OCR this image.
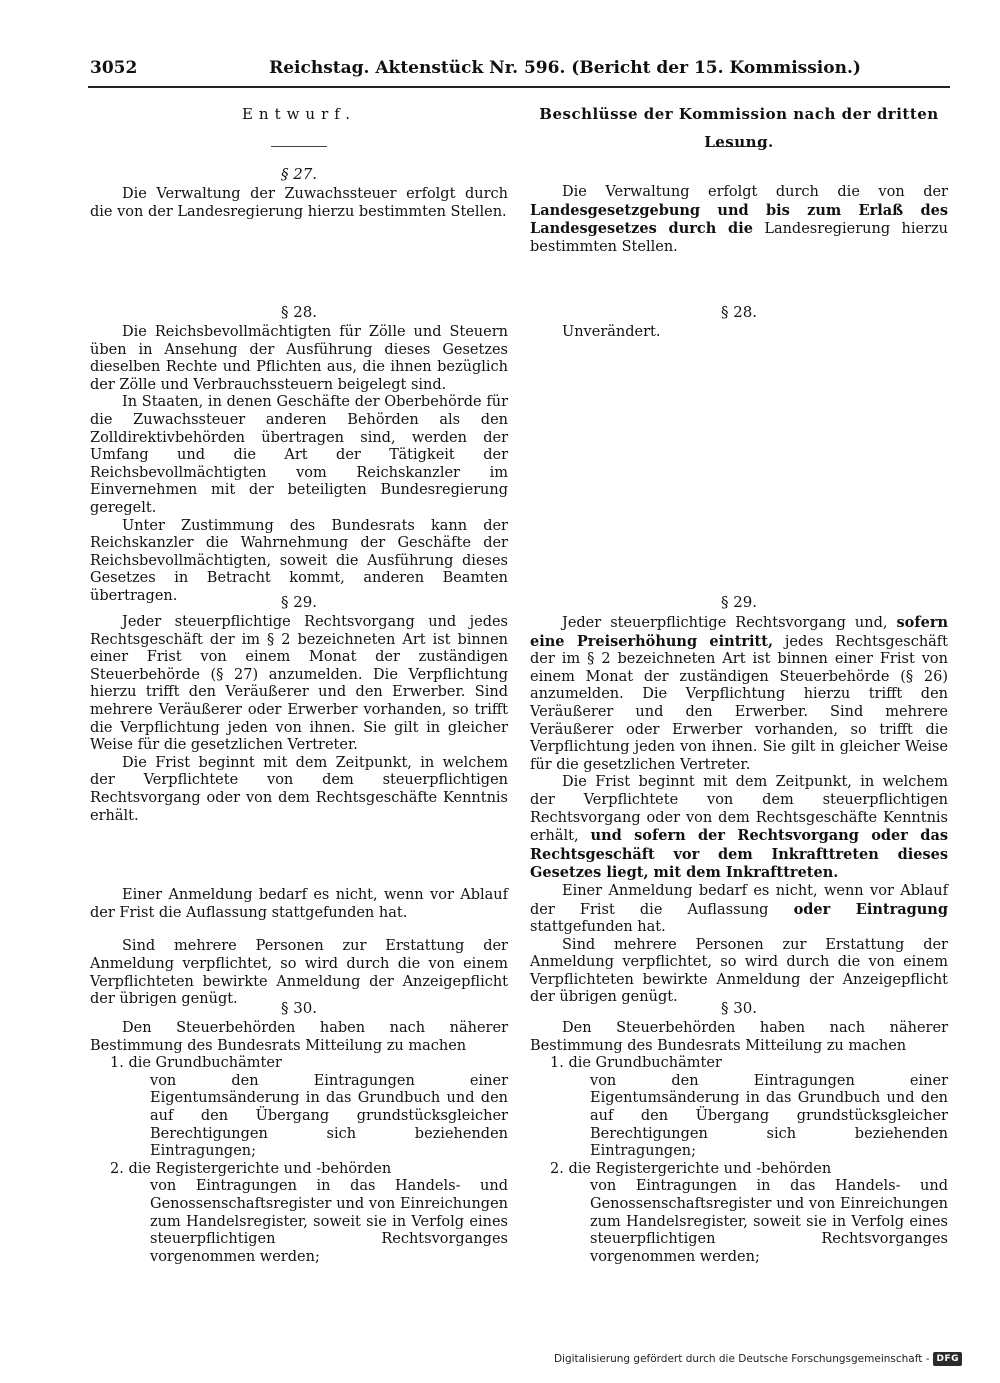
3052	Reichstag. Aktenstück Nr. 596. (Bericht der 15. Kommission.)
Entwurf.
§ 27.

Die Verwaltung der Zuwachssteuer erfolgt durch die von der Landesregierung hierzu bestimmten Stellen.

§ 28.

Die Reichsbevollmächtigten für Zölle und Steuern üben in Ansehung der Ausführung dieses Gesetzes dieselben Rechte und Pflichten aus, die ihnen bezüglich der Zölle und Verbrauchssteuern beigelegt sind.

In Staaten, in denen Geschäfte der Oberbehörde für die Zuwachssteuer anderen Behörden als den Zolldirektivbehörden übertragen sind, werden der Umfang und die Art der Tätigkeit der Reichsbevollmächtigten vom Reichskanzler im Einvernehmen mit der beteiligten Bundesregierung geregelt.

Unter Zustimmung des Bundesrats kann der Reichskanzler die Wahrnehmung der Geschäfte der Reichsbevollmächtigten, soweit die Ausführung dieses Gesetzes in Betracht kommt, anderen Beamten übertragen.	§ 29.

Jeder steuerpflichtige Rechtsvorgang und jedes Rechtsgeschäft der im § 2 bezeichneten Art ist binnen einer Frist von einem Monat der zuständigen Steuerbehörde (§ 27) anzumelden. Die Verpflichtung hierzu trifft den Veräußerer und den Erwerber. Sind mehrere Veräußerer oder Erwerber vorhanden, so trifft die Verpflichtung jeden von ihnen. Sie gilt in gleicher Weise für die gesetzlichen Vertreter.

Die Frist beginnt mit dem Zeitpunkt, in welchem der Verpflichtete von dem steuerpflichtigen Rechtsvorgang oder von dem Rechtsgeschäfte Kenntnis erhält.

Einer Anmeldung bedarf es nicht, wenn vor Ablauf der Frist die Auflassung stattgefunden hat.

Sind mehrere Personen zur Erstattung der Anmeldung verpflichtet, so wird durch die von einem Verpflichteten bewirkte Anmeldung der Anzeigepflicht der übrigen genügt.	§ 30.

Den Steuerbehörden haben nach näherer Bestimmung des Bundesrats Mitteilung zu machen

1. die Grundbuchämter
von den Eintragungen einer Eigentumsänderung in das Grundbuch und den auf den Übergang grundstücksgleicher Berechtigungen sich beziehenden Eintragungen;
2. die Registergerichte und -behörden
von Eintragungen in das Handels- und Genossenschaftsregister und von Einreichungen zum Handelsregister, soweit sie in Verfolg eines steuerpflichtigen Rechtsvorganges vorgenommen werden;
Beschlüsse der Kommission nach der dritten Lesung.

Die Verwaltung erfolgt durch die von der Landesgesetzgebung und bis zum Erlaß des Landesgesetzes durch die Landesregierung hierzu bestimmten Stellen.

§ 28.

Unverändert.

§ 29.

Jeder steuerpflichtige Rechtsvorgang und, sofern eine Preiserhöhung eintritt, jedes Rechtsgeschäft der im § 2 bezeichneten Art ist binnen einer Frist von einem Monat der zuständigen Steuerbehörde (§ 26) anzumelden. Die Verpflichtung hierzu trifft den Veräußerer und den Erwerber. Sind mehrere Veräußerer oder Erwerber vorhanden, so trifft die Verpflichtung jeden von ihnen. Sie gilt in gleicher Weise für die gesetzlichen Vertreter.

Die Frist beginnt mit dem Zeitpunkt, in welchem der Verpflichtete von dem steuerpflichtigen Rechtsvorgang oder von dem Rechtsgeschäfte Kenntnis erhält, und sofern der Rechtsvorgang oder das Rechtsgeschäft vor dem Inkrafttreten dieses Gesetzes liegt, mit dem Inkrafttreten.

Einer Anmeldung bedarf es nicht, wenn vor Ablauf der Frist die Auflassung oder Eintragung stattgefunden hat.

Sind mehrere Personen zur Erstattung der Anmeldung verpflichtet, so wird durch die von einem Verpflichteten bewirkte Anmeldung der Anzeigepflicht der übrigen genügt.

§ 30.

Den Steuerbehörden haben nach näherer Bestimmung des Bundesrats Mitteilung zu machen

1. die Grundbuchämter
von den Eintragungen einer Eigentumsänderung in das Grundbuch und den auf den Übergang grundstücksgleicher Berechtigungen sich beziehenden Eintragungen;
2. die Registergerichte und -behörden
von Eintragungen in das Handels- und Genossenschaftsregister und von Einreichungen zum Handelsregister, soweit sie in Verfolg eines steuerpflichtigen Rechtsvorganges vorgenommen werden;
Digitalisierung gefördert durch die Deutsche Forschungsgemeinschaft - DFG
